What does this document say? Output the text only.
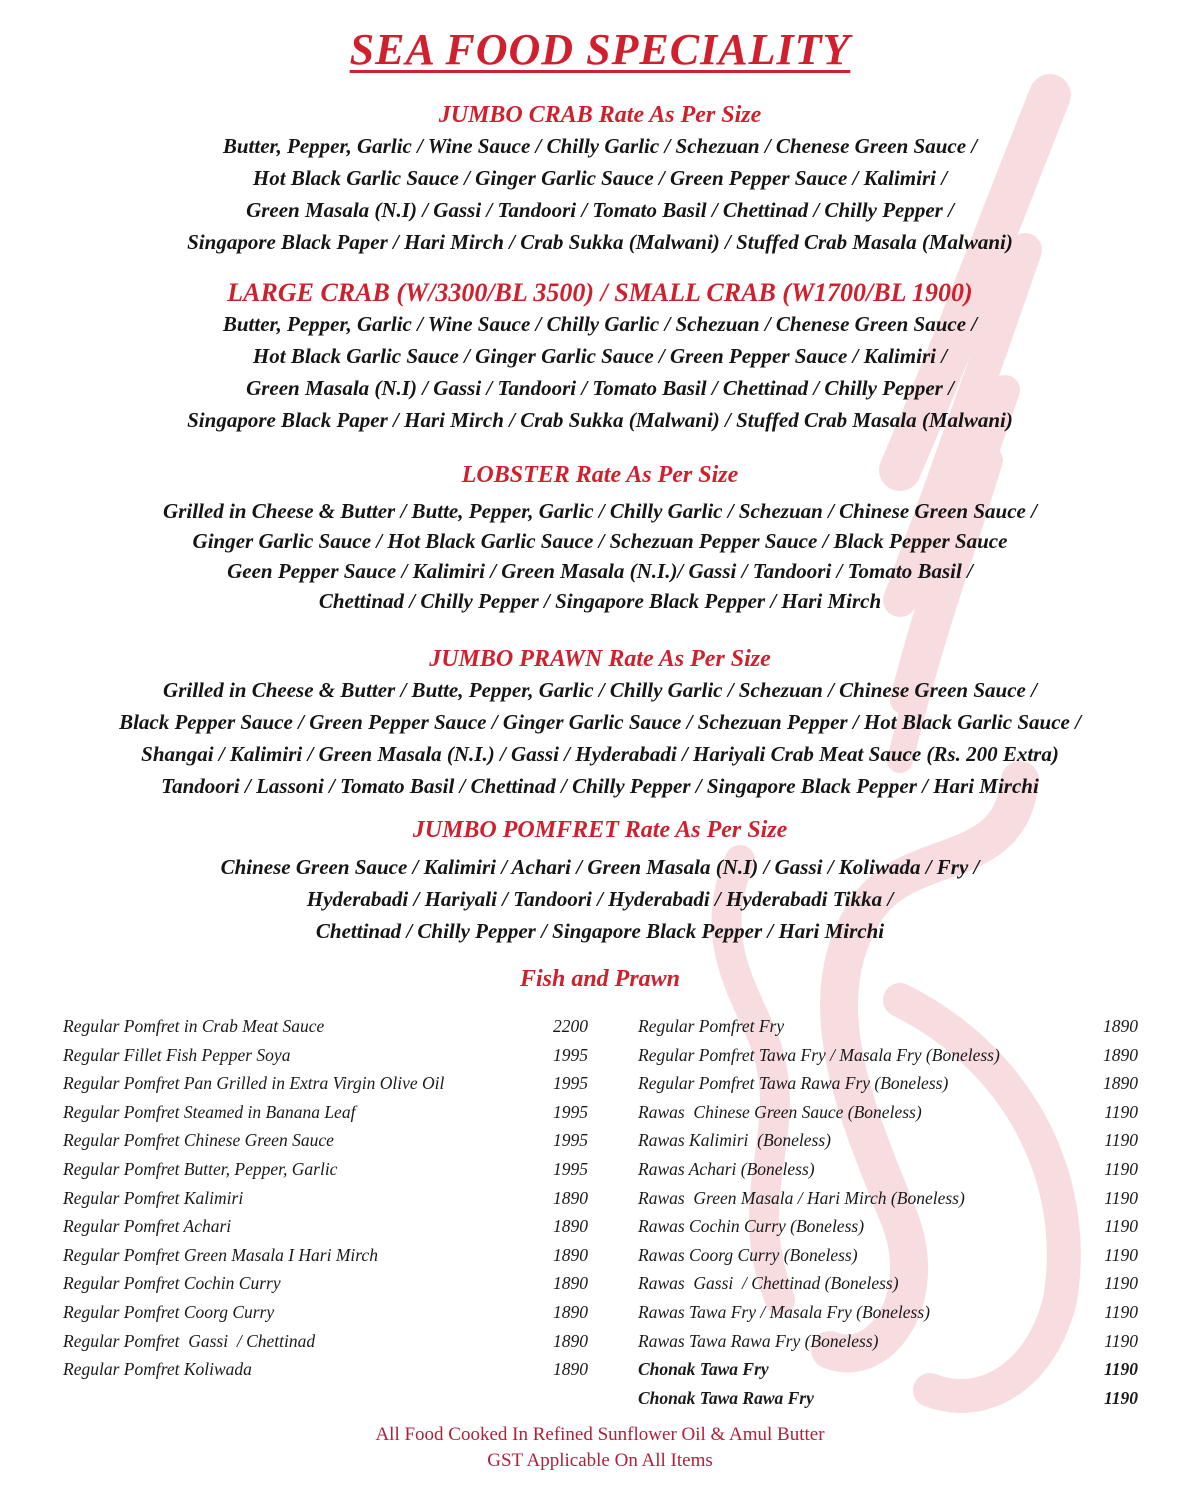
SEA FOOD SPECIALITY
JUMBO CRAB Rate As Per Size
Butter, Pepper, Garlic / Wine Sauce / Chilly Garlic / Schezuan / Chenese Green Sauce /
Hot Black Garlic Sauce / Ginger Garlic Sauce / Green Pepper Sauce / Kalimiri /
Green Masala (N.I) / Gassi / Tandoori / Tomato Basil / Chettinad / Chilly Pepper /
Singapore Black Paper / Hari Mirch / Crab Sukka (Malwani) / Stuffed Crab Masala (Malwani)
LARGE CRAB (W/3300/BL 3500) / SMALL CRAB (W1700/BL 1900)
Butter, Pepper, Garlic / Wine Sauce / Chilly Garlic / Schezuan / Chenese Green Sauce /
Hot Black Garlic Sauce / Ginger Garlic Sauce / Green Pepper Sauce / Kalimiri /
Green Masala (N.I) / Gassi / Tandoori / Tomato Basil / Chettinad / Chilly Pepper /
Singapore Black Paper / Hari Mirch / Crab Sukka (Malwani) / Stuffed Crab Masala (Malwani)
LOBSTER Rate As Per Size
Grilled in Cheese & Butter / Butte, Pepper, Garlic / Chilly Garlic / Schezuan / Chinese Green Sauce /
Ginger Garlic Sauce / Hot Black Garlic Sauce / Schezuan Pepper Sauce / Black Pepper Sauce
Geen Pepper Sauce / Kalimiri / Green Masala (N.I.)/ Gassi / Tandoori / Tomato Basil /
Chettinad / Chilly Pepper / Singapore Black Pepper / Hari Mirch
JUMBO PRAWN Rate As Per Size
Grilled in Cheese & Butter / Butte, Pepper, Garlic / Chilly Garlic / Schezuan / Chinese Green Sauce /
Black Pepper Sauce / Green Pepper Sauce / Ginger Garlic Sauce / Schezuan Pepper / Hot Black Garlic Sauce /
Shangai / Kalimiri / Green Masala (N.I.) / Gassi / Hyderabadi / Hariyali Crab Meat Sauce (Rs. 200 Extra)
Tandoori / Lassoni / Tomato Basil / Chettinad / Chilly Pepper / Singapore Black Pepper / Hari Mirchi
JUMBO POMFRET Rate As Per Size
Chinese Green Sauce / Kalimiri / Achari / Green Masala (N.I) / Gassi / Koliwada / Fry /
Hyderabadi / Hariyali / Tandoori / Hyderabadi / Hyderabadi Tikka /
Chettinad / Chilly Pepper / Singapore Black Pepper / Hari Mirchi
Fish and Prawn
Regular Pomfret in Crab Meat Sauce	2200
Regular Fillet Fish Pepper Soya	1995
Regular Pomfret Pan Grilled in Extra Virgin Olive Oil	1995
Regular Pomfret Steamed in Banana Leaf	1995
Regular Pomfret Chinese Green Sauce	1995
Regular Pomfret Butter, Pepper, Garlic	1995
Regular Pomfret Kalimiri	1890
Regular Pomfret Achari	1890
Regular Pomfret Green Masala I Hari Mirch	1890
Regular Pomfret Cochin Curry	1890
Regular Pomfret Coorg Curry	1890
Regular Pomfret  Gassi  / Chettinad	1890
Regular Pomfret Koliwada	1890
Regular Pomfret Fry	1890
Regular Pomfret Tawa Fry / Masala Fry (Boneless)	1890
Regular Pomfret Tawa Rawa Fry (Boneless)	1890
Rawas  Chinese Green Sauce (Boneless)	1190
Rawas Kalimiri  (Boneless)	1190
Rawas Achari (Boneless)	1190
Rawas  Green Masala / Hari Mirch (Boneless)	1190
Rawas Cochin Curry (Boneless)	1190
Rawas Coorg Curry (Boneless)	1190
Rawas  Gassi  / Chettinad (Boneless)	1190
Rawas Tawa Fry / Masala Fry (Boneless)	1190
Rawas Tawa Rawa Fry (Boneless)	1190
Chonak Tawa Fry	1190
Chonak Tawa Rawa Fry	1190
All Food Cooked In Refined Sunflower Oil & Amul Butter
GST Applicable On All Items
